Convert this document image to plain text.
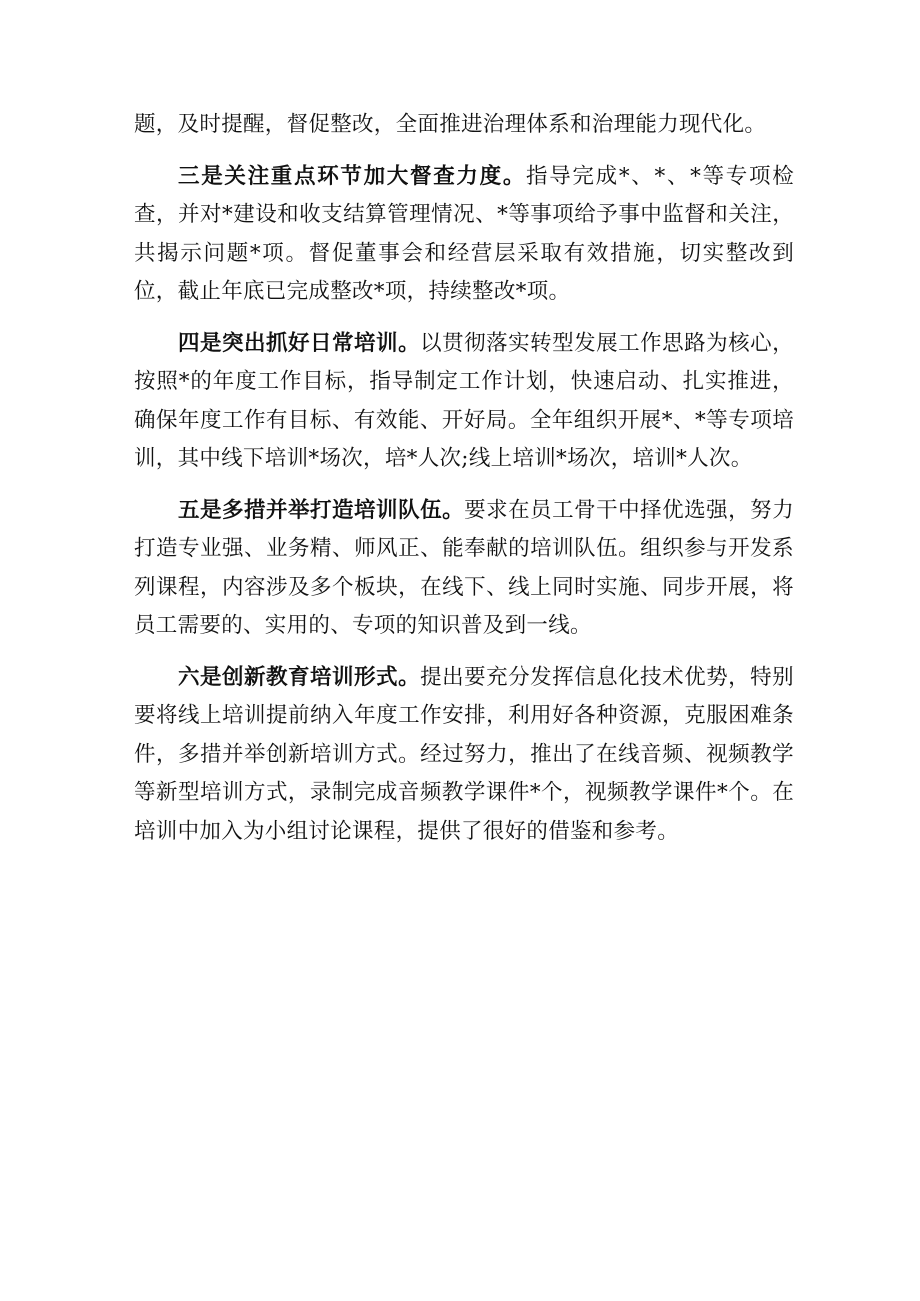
题，及时提醒，督促整改，全面推进治理体系和治理能力现代化。

三是关注重点环节加大督查力度。指导完成*、*、*等专项检查，并对*建设和收支结算管理情况、*等事项给予事中监督和关注，共揭示问题*项。督促董事会和经营层采取有效措施，切实整改到位，截止年底已完成整改*项，持续整改*项。

四是突出抓好日常培训。以贯彻落实转型发展工作思路为核心，按照*的年度工作目标，指导制定工作计划，快速启动、扎实推进，确保年度工作有目标、有效能、开好局。全年组织开展*、*等专项培训，其中线下培训*场次，培*人次;线上培训*场次，培训*人次。

五是多措并举打造培训队伍。要求在员工骨干中择优选强，努力打造专业强、业务精、师风正、能奉献的培训队伍。组织参与开发系列课程，内容涉及多个板块，在线下、线上同时实施、同步开展，将员工需要的、实用的、专项的知识普及到一线。

六是创新教育培训形式。提出要充分发挥信息化技术优势，特别要将线上培训提前纳入年度工作安排，利用好各种资源，克服困难条件，多措并举创新培训方式。经过努力，推出了在线音频、视频教学等新型培训方式，录制完成音频教学课件*个，视频教学课件*个。在培训中加入为小组讨论课程，提供了很好的借鉴和参考。
